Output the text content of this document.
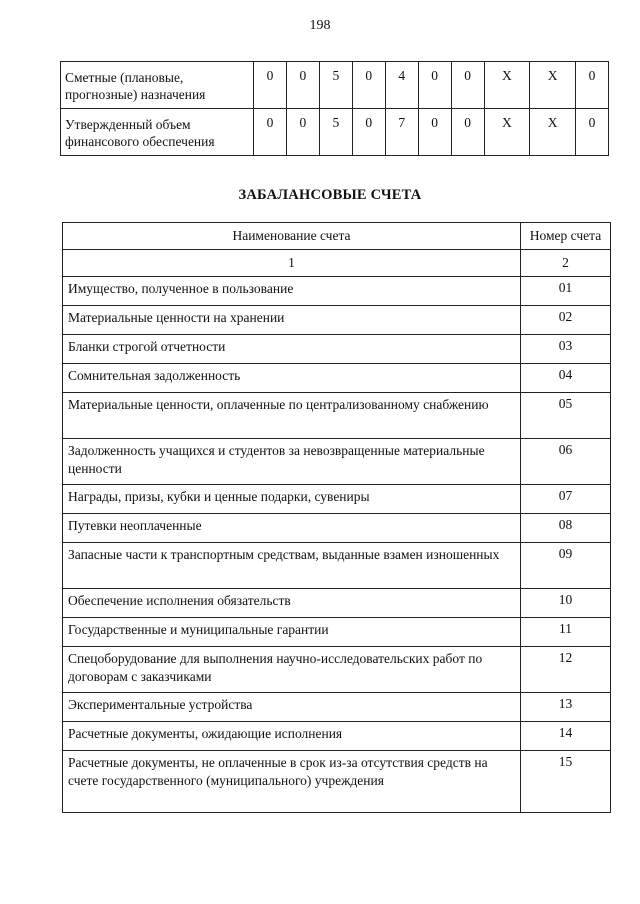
198
Сметные (плановые, прогнозные) назначения	0	0	5	0	4	0	0	X	X	0
Утвержденный объем финансового обеспечения	0	0	5	0	7	0	0	X	X	0
ЗАБАЛАНСОВЫЕ СЧЕТА
Наименование счета	Номер счета
1	2
Имущество, полученное в пользование	01
Материальные ценности на хранении	02
Бланки строгой отчетности	03
Сомнительная задолженность	04
Материальные ценности, оплаченные по централизованному снабжению	05
Задолженность учащихся и студентов за невозвращенные материальные ценности	06
Награды, призы, кубки и ценные подарки, сувениры	07
Путевки неоплаченные	08
Запасные части к транспортным средствам, выданные взамен изношенных	09
Обеспечение исполнения обязательств	10
Государственные и муниципальные гарантии	11
Спецоборудование для выполнения научно-исследовательских работ по договорам с заказчиками	12
Экспериментальные устройства	13
Расчетные документы, ожидающие исполнения	14
Расчетные документы, не оплаченные в срок из-за отсутствия средств на счете государственного (муниципального) учреждения	15
